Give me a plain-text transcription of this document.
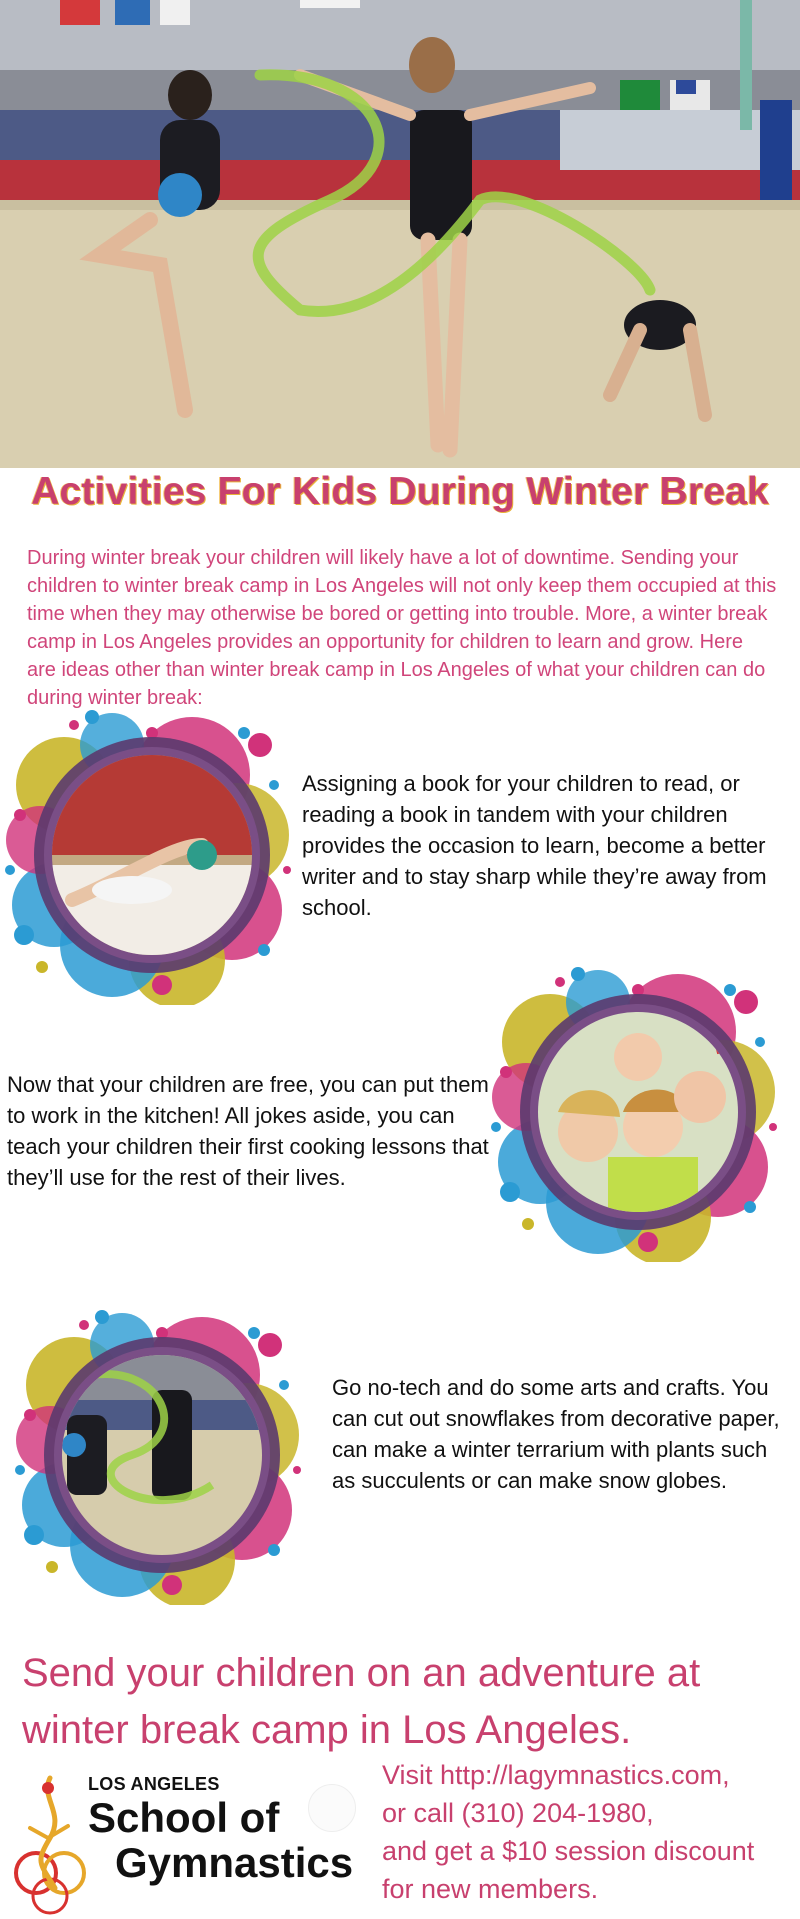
Activities For Kids During Winter Break

During winter break your children will likely have a lot of downtime. Sending your children to winter break camp in Los Angeles will not only keep them occupied at this time when they may otherwise be bored or getting into trouble. More, a winter break camp in Los Angeles provides an opportunity for children to learn and grow. Here are ideas other than winter break camp in Los Angeles of what your children can do during winter break:

Assigning a book for your children to read, or reading a book in tandem with your children provides the occasion to learn, become a better writer and to stay sharp while they’re away from school.

Now that your children are free, you can put them to work in the kitchen! All jokes aside, you can teach your children their first cooking lessons that they’ll use for the rest of their lives.

Go no-tech and do some arts and crafts. You can cut out snowflakes from decorative paper, can make a winter terrarium with plants such as succulents or can make snow globes.

Send your children on an adventure at winter break camp in Los Angeles.

LOS ANGELES
School of
Gymnastics

Visit http://lagymnastics.com,

or call (310) 204-1980,

and get a $10 session discount

for new members.
